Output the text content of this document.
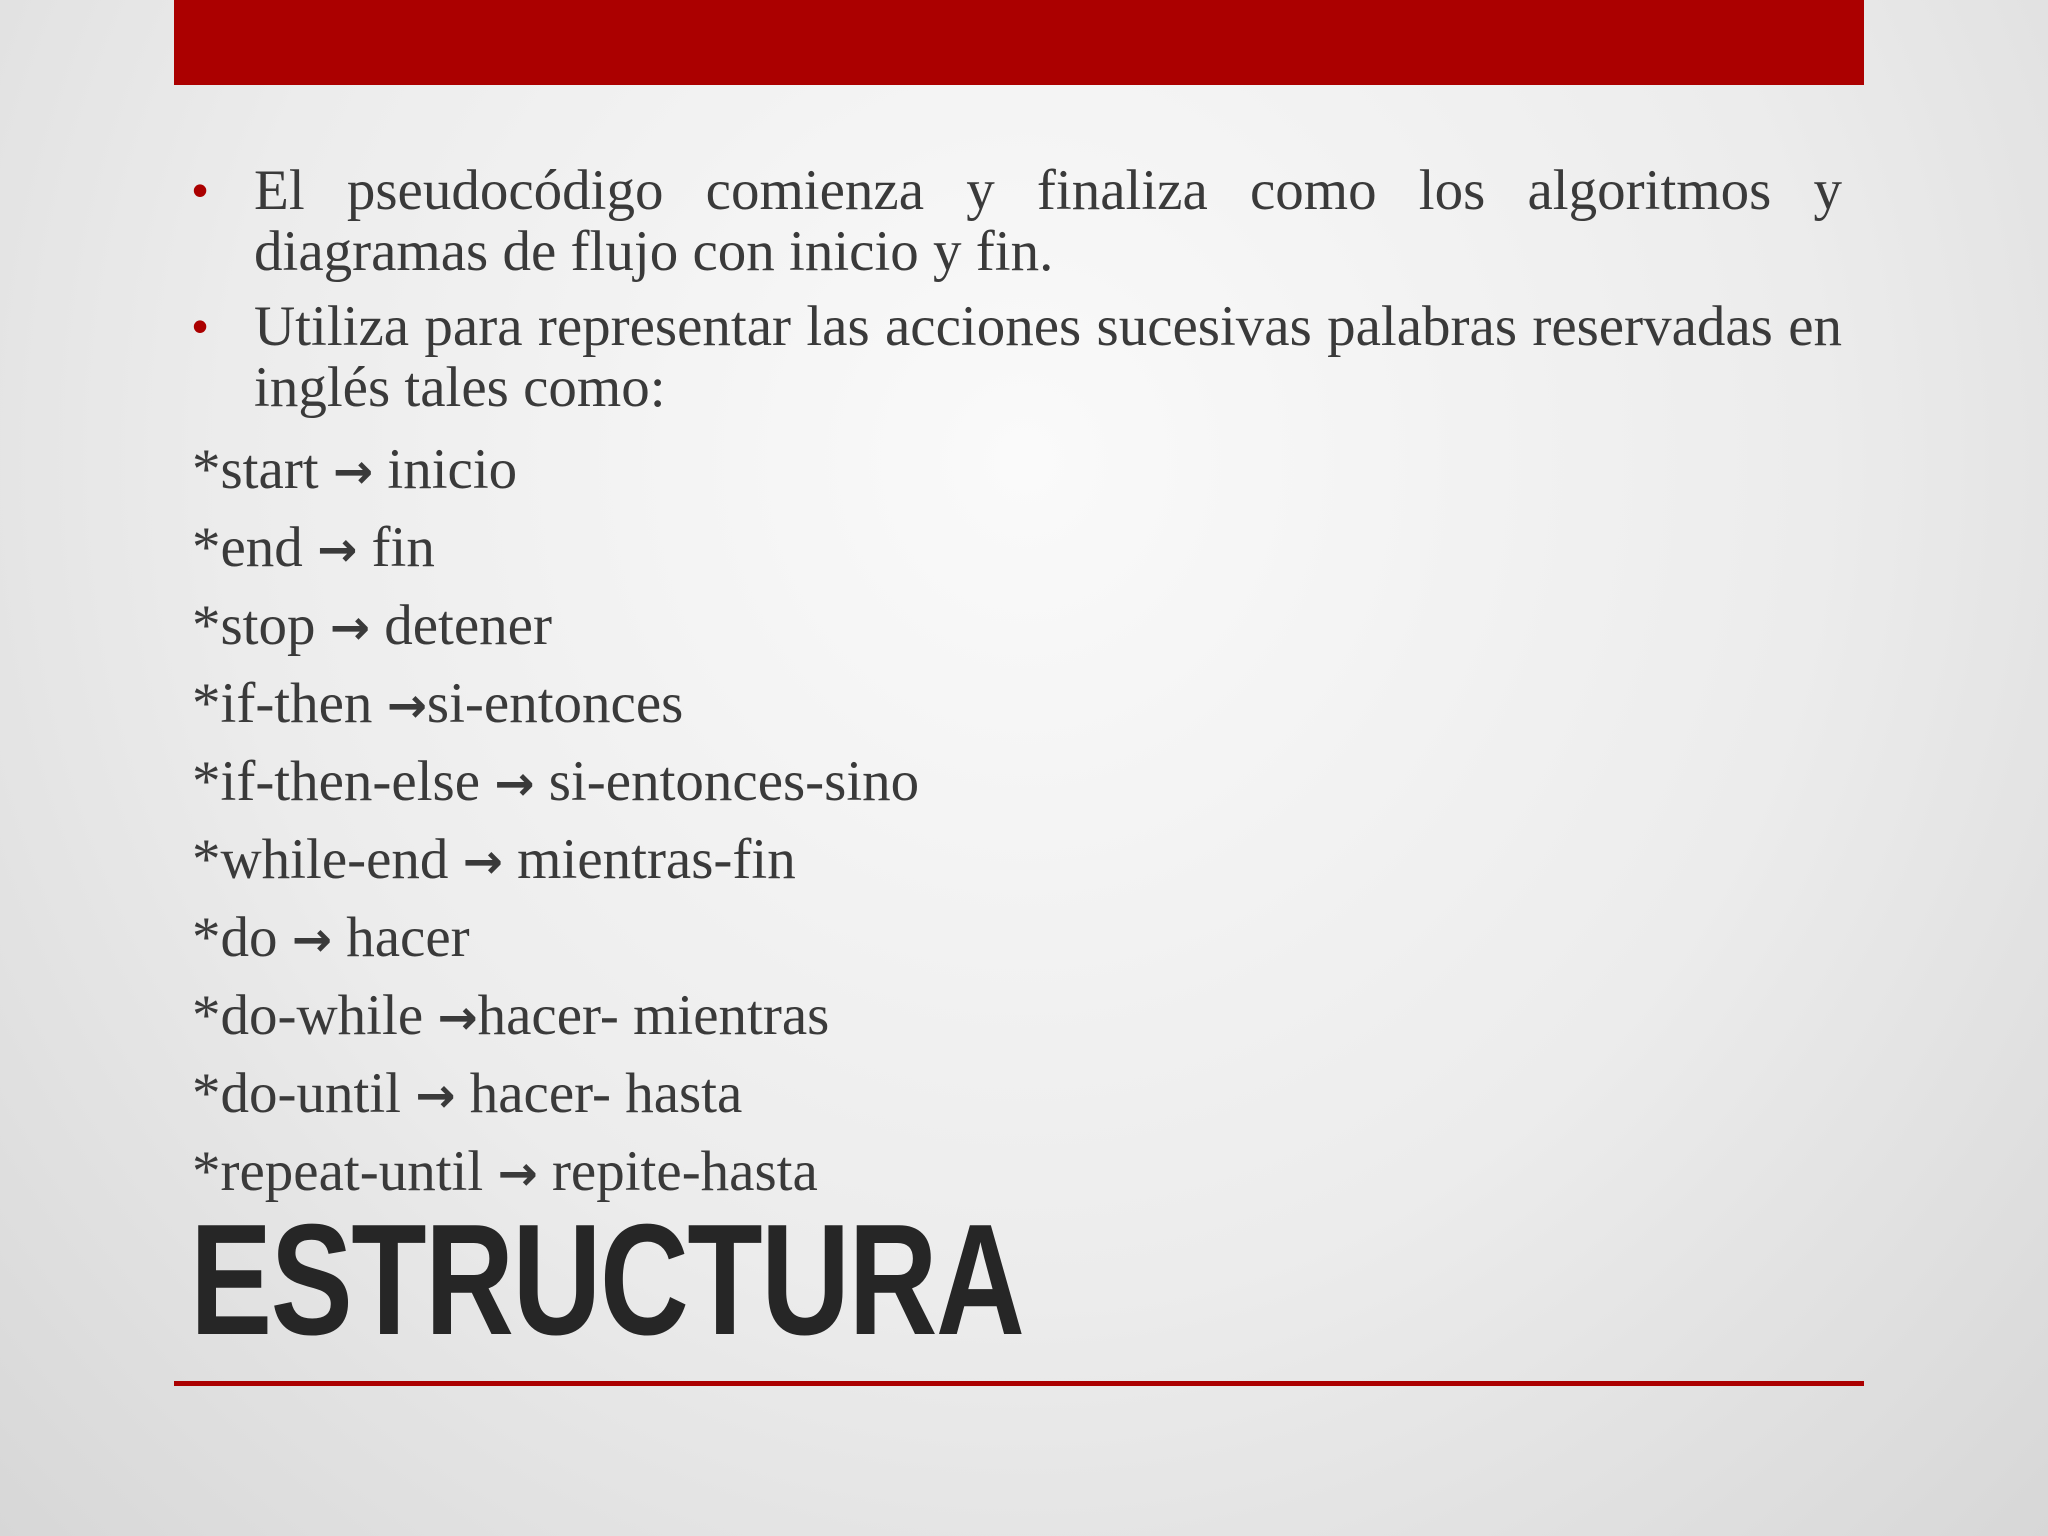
• El pseudocódigo comienza y finaliza como los algoritmos y diagramas de flujo con inicio y fin.
• Utiliza para representar las acciones sucesivas palabras reservadas en inglés tales como:
*start → inicio
*end → fin
*stop → detener
*if-then →si-entonces
*if-then-else → si-entonces-sino
*while-end → mientras-fin
*do → hacer
*do-while →hacer- mientras
*do-until → hacer- hasta
*repeat-until → repite-hasta
ESTRUCTURA
